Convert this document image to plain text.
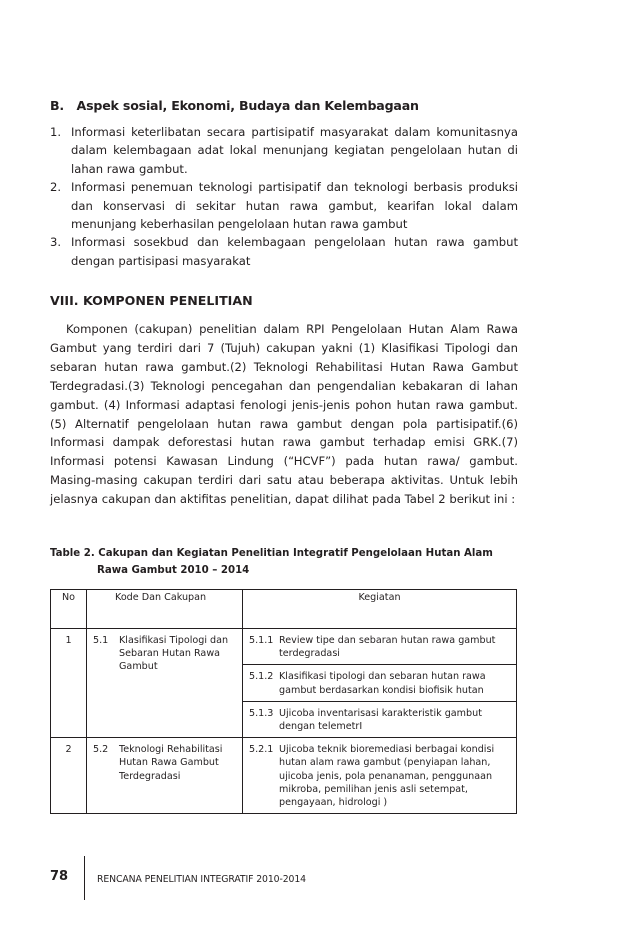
B.   Aspek sosial, Ekonomi, Budaya dan Kelembagaan
1. Informasi keterlibatan secara partisipatif masyarakat dalam komunitasnya dalam kelembagaan adat lokal menunjang kegiatan pengelolaan hutan di lahan rawa gambut.
2. Informasi penemuan teknologi partisipatif dan teknologi berbasis produksi dan konservasi di sekitar hutan rawa gambut, kearifan lokal dalam menunjang keberhasilan pengelolaan hutan rawa gambut
3. Informasi sosekbud dan kelembagaan pengelolaan hutan rawa gambut dengan partisipasi masyarakat
VIII. KOMPONEN PENELITIAN
Komponen (cakupan) penelitian dalam RPI Pengelolaan Hutan Alam Rawa Gambut yang terdiri dari 7 (Tujuh) cakupan yakni (1) Klasifikasi Tipologi dan sebaran hutan rawa gambut.(2) Teknologi Rehabilitasi Hutan Rawa Gambut Terdegradasi.(3) Teknologi pencegahan dan pengendalian kebakaran di lahan gambut. (4) Informasi adaptasi fenologi jenis-jenis pohon hutan rawa gambut.(5) Alternatif pengelolaan hutan rawa gambut dengan pola partisipatif.(6) Informasi dampak deforestasi hutan rawa gambut terhadap emisi GRK.(7) Informasi potensi Kawasan Lindung (“HCVF”) pada hutan rawa/ gambut. Masing-masing cakupan terdiri dari satu atau beberapa aktivitas. Untuk lebih jelasnya cakupan dan aktifitas penelitian, dapat dilihat pada Tabel 2 berikut ini :
Table 2. Cakupan dan Kegiatan Penelitian Integratif Pengelolaan Hutan Alam
Rawa Gambut 2010 – 2014
No	Kode Dan Cakupan	Kegiatan
1	5.1 Klasifikasi Tipologi dan Sebaran Hutan Rawa Gambut	5.1.1 Review tipe dan sebaran hutan rawa gambut terdegradasi

		5.1.2 Klasifikasi tipologi dan sebaran hutan rawa gambut berdasarkan kondisi biofisik hutan

		5.1.3 Ujicoba inventarisasi karakteristik gambut dengan telemetrI

2	5.2 Teknologi Rehabilitasi Hutan Rawa Gambut Terdegradasi	5.2.1 Ujicoba teknik bioremediasi berbagai kondisi hutan alam rawa gambut (penyiapan lahan, ujicoba jenis, pola penanaman, penggunaan mikroba, pemilihan jenis asli setempat, pengayaan, hidrologi )
78	RENCANA PENELITIAN INTEGRATIF 2010-2014
